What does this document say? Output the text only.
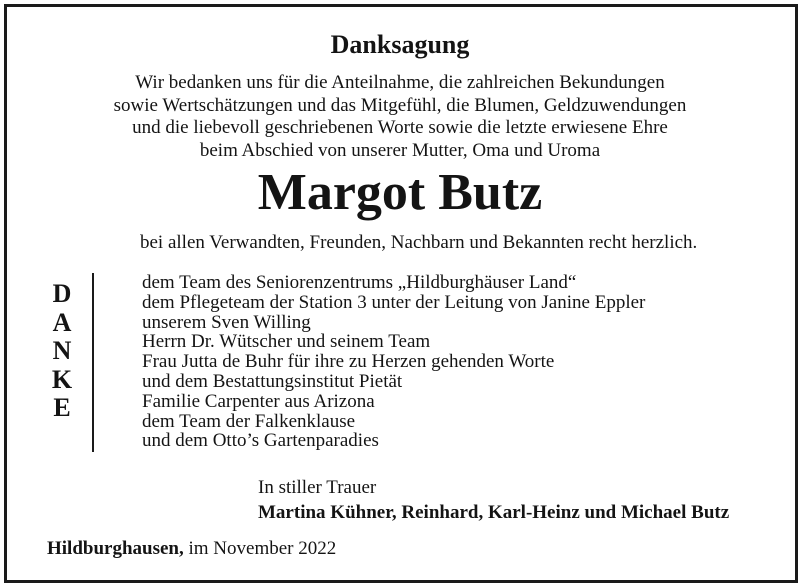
Danksagung
Wir bedanken uns für die Anteilnahme, die zahlreichen Bekundungen
sowie Wertschätzungen und das Mitgefühl, die Blumen, Geldzuwendungen
und die liebevoll geschriebenen Worte sowie die letzte erwiesene Ehre
beim Abschied von unserer Mutter, Oma und Uroma
Margot Butz
bei allen Verwandten, Freunden, Nachbarn und Bekannten recht herzlich.
D
A
N
K
E
dem Team des Seniorenzentrums „Hildburghäuser Land“
dem Pflegeteam der Station 3 unter der Leitung von Janine Eppler
unserem Sven Willing
Herrn Dr. Wütscher und seinem Team
Frau Jutta de Buhr für ihre zu Herzen gehenden Worte
und dem Bestattungsinstitut Pietät
Familie Carpenter aus Arizona
dem Team der Falkenklause
und dem Otto’s Gartenparadies
In stiller Trauer
Martina Kühner, Reinhard, Karl-Heinz und Michael Butz
Hildburghausen, im November 2022
